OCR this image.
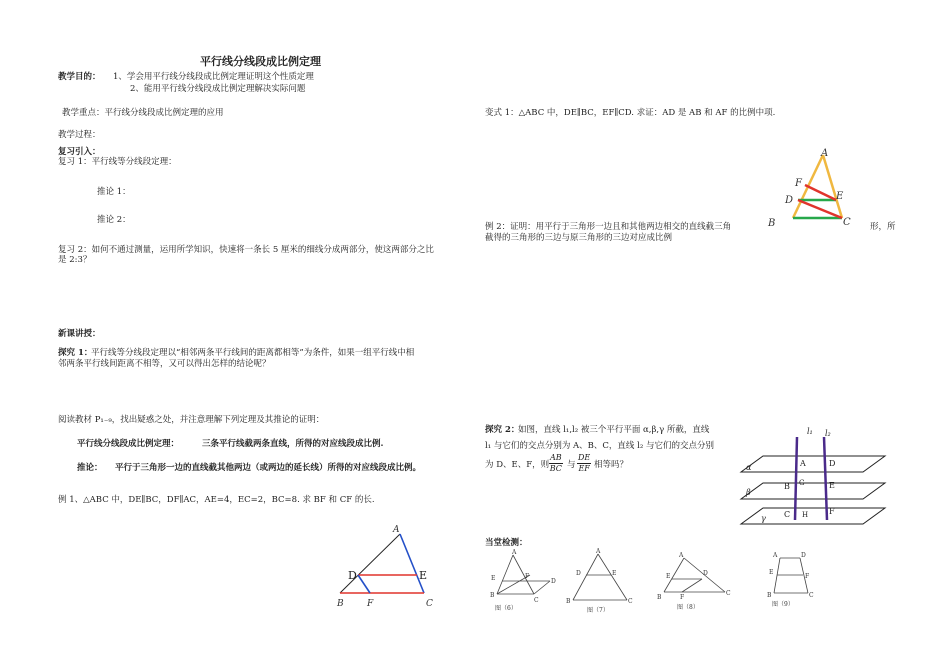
平行线分线段成比例定理
教学目的： 1、学会用平行线分线段成比例定理证明这个性质定理
2、能用平行线分线段成比例定理解决实际问题
教学重点：平行线分线段成比例定理的应用
教学过程：
复习引入：
复习 1：平行线等分线段定理：
推论 1：
推论 2：
复习 2：如何不通过测量，运用所学知识，快速将一条长 5 厘米的细线分成两部分，使这两部分之比
是 2:3？
新课讲授：
探究 1：
平行线等分线段定理以“相邻两条平行线间的距离都相等”为条件，如果一组平行线中相
邻两条平行线间距离不相等，又可以得出怎样的结论呢？
阅读教材 P₁₋₉，找出疑惑之处，并注意理解下列定理及其推论的证明：
平行线分线段成比例定理：	三条平行线截两条直线，所得的对应线段成比例.
推论： 平行于三角形一边的直线截其他两边（或两边的延长线）所得的对应线段成比例。
例 1、△ABC 中，DE∥BC，DF∥AC，AE=4，EC=2，BC=8. 求 BF 和 CF 的长.
A
D	E
B	F	C
变式 1：△ABC 中，DE∥BC，EF∥CD. 求证：AD 是 AB 和 AF 的比例中项.
A
F
E
D
B	C
例 2：证明：用平行于三角形一边且和其他两边相交的直线截三角	形，所
截得的三角形的三边与原三角形的三边对应成比例
探究 2：
如图，直线 l₁,l₂ 被三个平行平面 α,β,γ 所截，直线
l₁ 与它们的交点分别为 A、B、C，直线 l₂ 与它们的交点分别
为 D、E、F，则
AB
BC 与
DE
EF 相等吗？
l₁ l₂
α
β
γ
A	D
B G	E
C H	F
当堂检测：
A
E	F
D
B
C
图（6）
A
D	E
B	C
图（7）
A
E	D
B	F
C
图（8）
A	D
E
F
B	C
图（9）
